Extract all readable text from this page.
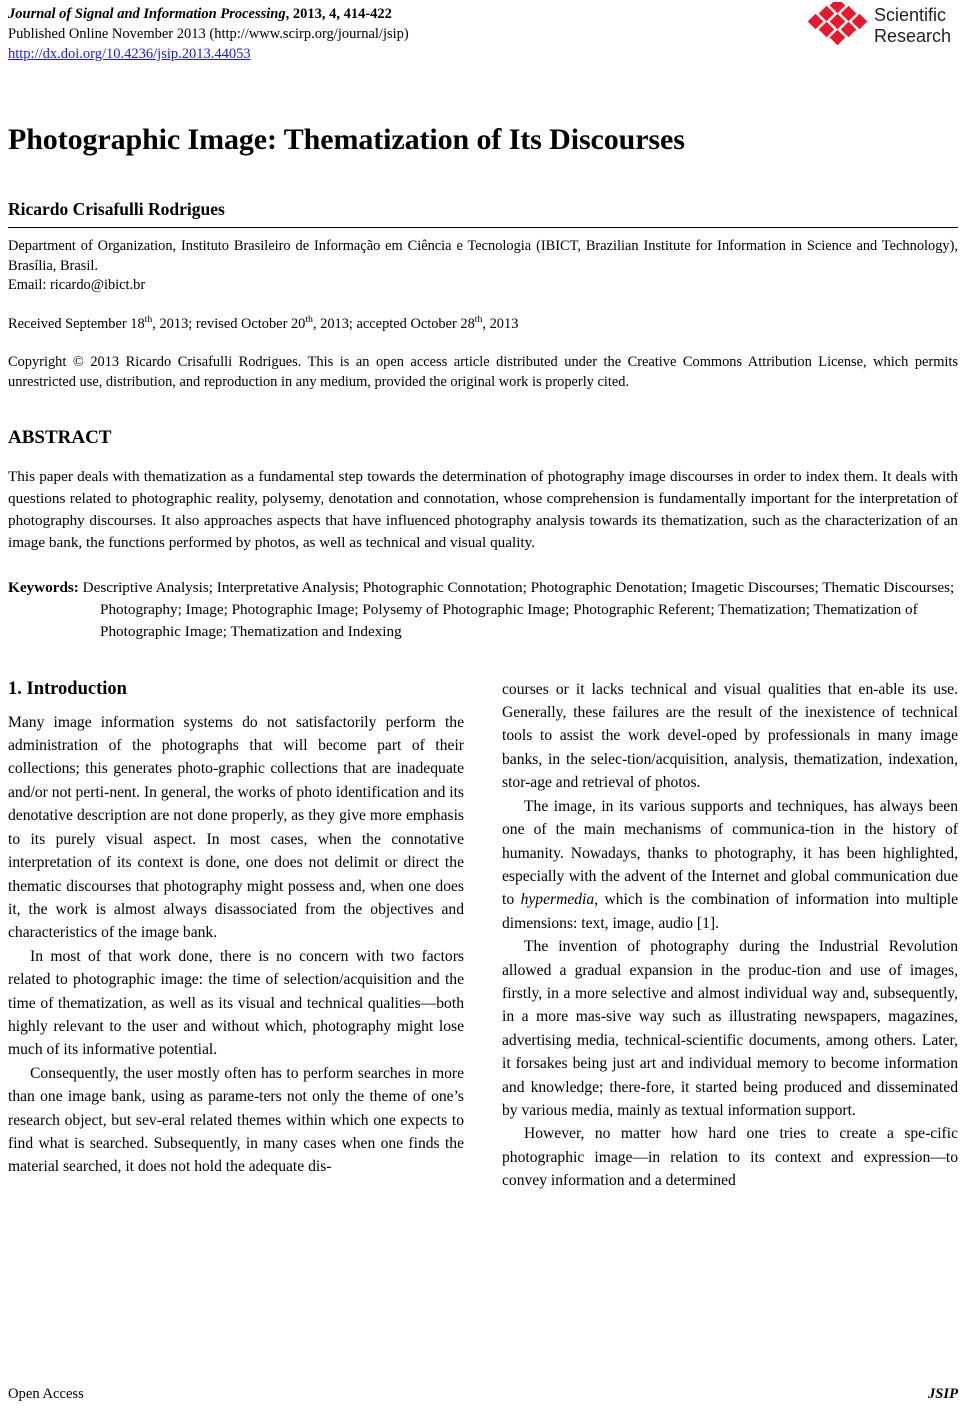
Journal of Signal and Information Processing, 2013, 4, 414-422
Published Online November 2013 (http://www.scirp.org/journal/jsip)
http://dx.doi.org/10.4236/jsip.2013.44053
Scientific
Research
Photographic Image: Thematization of Its Discourses
Ricardo Crisafulli Rodrigues
Department of Organization, Instituto Brasileiro de Informação em Ciência e Tecnologia (IBICT, Brazilian Institute for Information in Science and Technology), Brasília, Brasil.
Email: ricardo@ibict.br
Received September 18th, 2013; revised October 20th, 2013; accepted October 28th, 2013
Copyright © 2013 Ricardo Crisafulli Rodrigues. This is an open access article distributed under the Creative Commons Attribution License, which permits unrestricted use, distribution, and reproduction in any medium, provided the original work is properly cited.
ABSTRACT
This paper deals with thematization as a fundamental step towards the determination of photography image discourses in order to index them. It deals with questions related to photographic reality, polysemy, denotation and connotation, whose comprehension is fundamentally important for the interpretation of photography discourses. It also approaches aspects that have influenced photography analysis towards its thematization, such as the characterization of an image bank, the functions performed by photos, as well as technical and visual quality.
Keywords: Descriptive Analysis; Interpretative Analysis; Photographic Connotation; Photographic Denotation; Imagetic Discourses; Thematic Discourses; Photography; Image; Photographic Image; Polysemy of Photographic Image; Photographic Referent; Thematization; Thematization of Photographic Image; Thematization and Indexing
1. Introduction

Many image information systems do not satisfactorily perform the administration of the photographs that will become part of their collections; this generates photo-graphic collections that are inadequate and/or not perti-nent. In general, the works of photo identification and its denotative description are not done properly, as they give more emphasis to its purely visual aspect. In most cases, when the connotative interpretation of its context is done, one does not delimit or direct the thematic discourses that photography might possess and, when one does it, the work is almost always disassociated from the objectives and characteristics of the image bank.

In most of that work done, there is no concern with two factors related to photographic image: the time of selection/acquisition and the time of thematization, as well as its visual and technical qualities—both highly relevant to the user and without which, photography might lose much of its informative potential.

Consequently, the user mostly often has to perform searches in more than one image bank, using as parame-ters not only the theme of one’s research object, but sev-eral related themes within which one expects to find what is searched. Subsequently, in many cases when one finds the material searched, it does not hold the adequate dis-

courses or it lacks technical and visual qualities that en-able its use. Generally, these failures are the result of the inexistence of technical tools to assist the work devel-oped by professionals in many image banks, in the selec-tion/acquisition, analysis, thematization, indexation, stor-age and retrieval of photos.

The image, in its various supports and techniques, has always been one of the main mechanisms of communica-tion in the history of humanity. Nowadays, thanks to photography, it has been highlighted, especially with the advent of the Internet and global communication due to hypermedia, which is the combination of information into multiple dimensions: text, image, audio [1].

The invention of photography during the Industrial Revolution allowed a gradual expansion in the produc-tion and use of images, firstly, in a more selective and almost individual way and, subsequently, in a more mas-sive way such as illustrating newspapers, magazines, advertising media, technical-scientific documents, among others. Later, it forsakes being just art and individual memory to become information and knowledge; there-fore, it started being produced and disseminated by various media, mainly as textual information support.

However, no matter how hard one tries to create a spe-cific photographic image—in relation to its context and expression—to convey information and a determined

Open Access	JSIP
